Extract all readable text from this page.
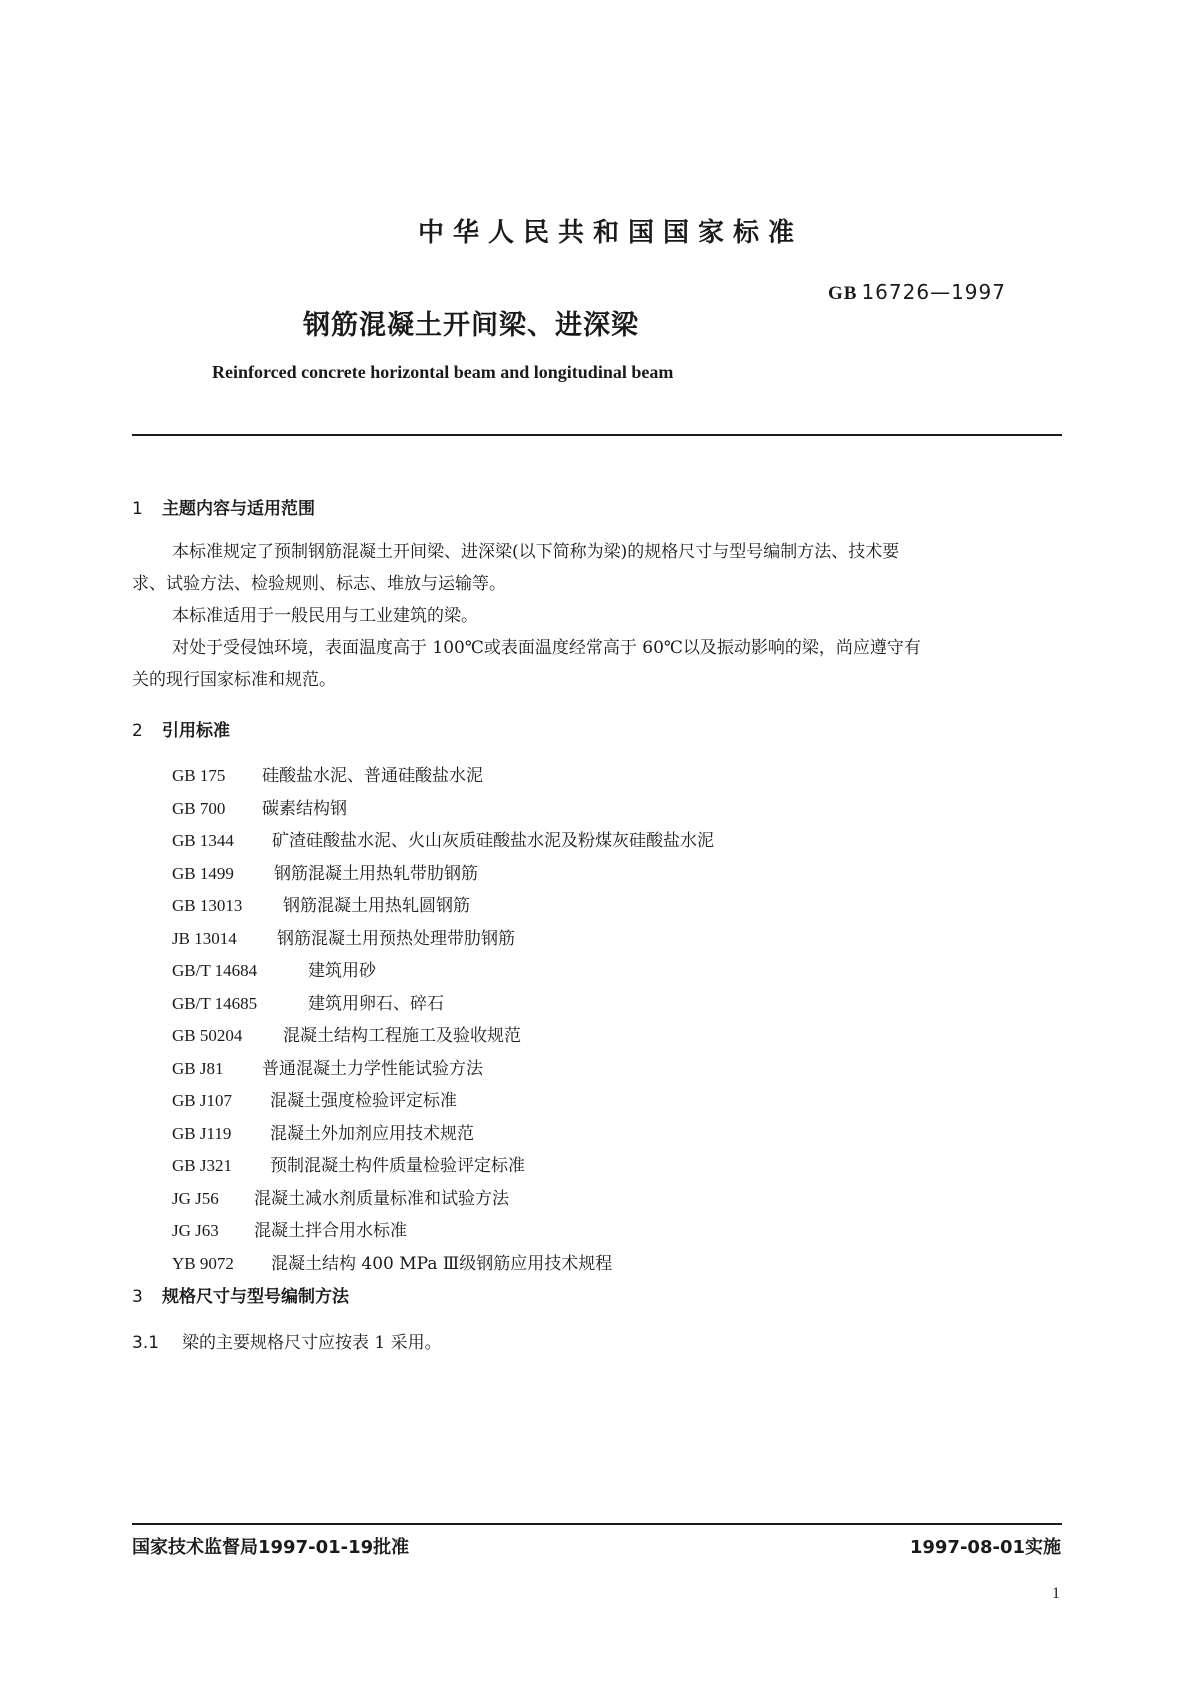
中华人民共和国国家标准
GB 16726—1997
钢筋混凝土开间梁、进深梁
Reinforced concrete horizontal beam and longitudinal beam
1 主题内容与适用范围

本标准规定了预制钢筋混凝土开间梁、进深梁(以下简称为梁)的规格尺寸与型号编制方法、技术要

求、试验方法、检验规则、标志、堆放与运输等。

本标准适用于一般民用与工业建筑的梁。

对处于受侵蚀环境，表面温度高于 100℃或表面温度经常高于 60℃以及振动影响的梁，尚应遵守有

关的现行国家标准和规范。

2 引用标准
GB 175 硅酸盐水泥、普通硅酸盐水泥
GB 700 碳素结构钢
GB 1344 矿渣硅酸盐水泥、火山灰质硅酸盐水泥及粉煤灰硅酸盐水泥
GB 1499 钢筋混凝土用热轧带肋钢筋
GB 13013 钢筋混凝土用热轧圆钢筋
JB 13014 钢筋混凝土用预热处理带肋钢筋
GB/T 14684	建筑用砂
GB/T 14685	建筑用卵石、碎石
GB 50204 混凝土结构工程施工及验收规范
GB J81 普通混凝土力学性能试验方法
GB J107 混凝土强度检验评定标准
GB J119 混凝土外加剂应用技术规范
GB J321 预制混凝土构件质量检验评定标准
JG J56 混凝土减水剂质量标准和试验方法
JG J63 混凝土拌合用水标准
YB 9072 混凝土结构 400 MPa Ⅲ级钢筋应用技术规程
3 规格尺寸与型号编制方法
3.1 梁的主要规格尺寸应按表 1 采用。
国家技术监督局1997-01-19批准	1997-08-01实施
1
